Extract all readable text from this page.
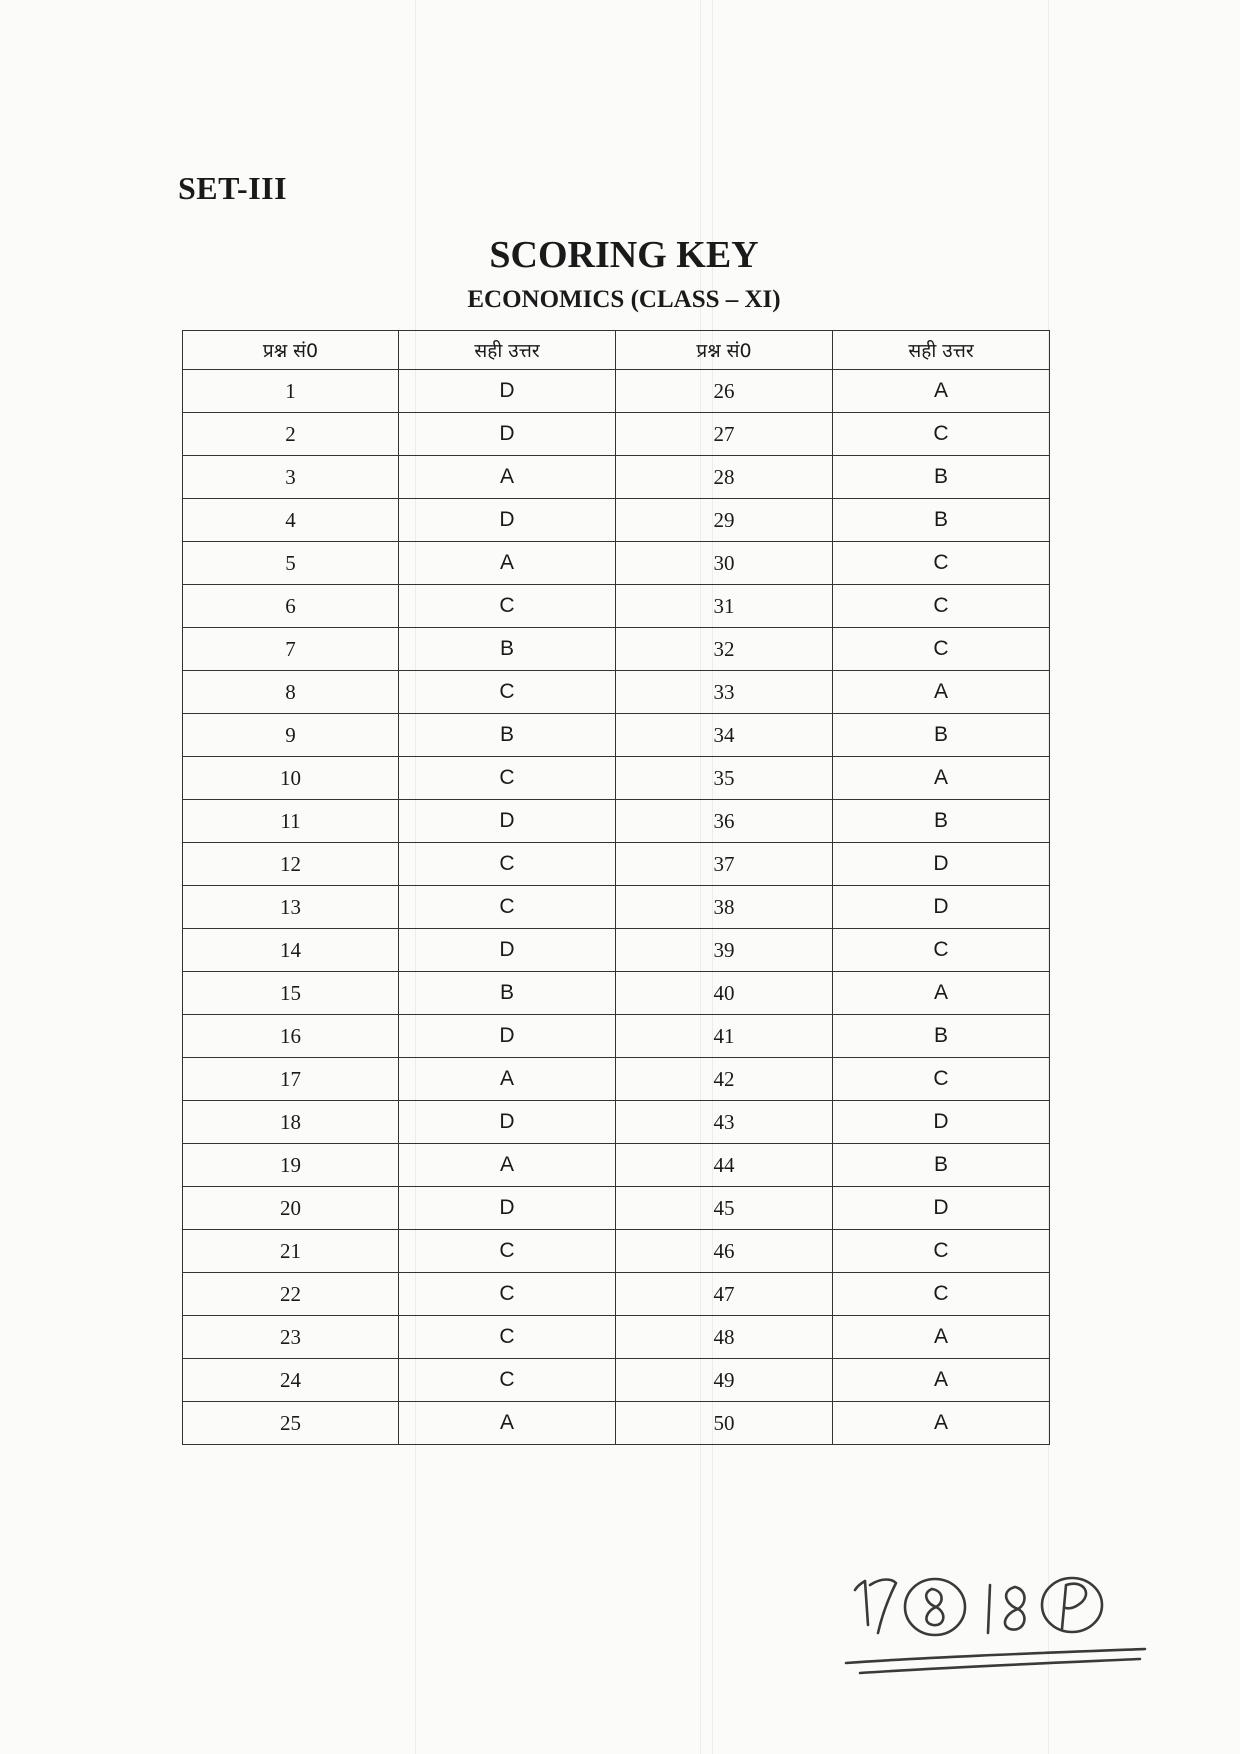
SET-III
SCORING KEY
ECONOMICS (CLASS – XI)
प्रश्न सं0	सही उत्तर	प्रश्न सं0	सही उत्तर
1	D	26	A
2	D	27	C
3	A	28	B
4	D	29	B
5	A	30	C
6	C	31	C
7	B	32	C
8	C	33	A
9	B	34	B
10	C	35	A
11	D	36	B
12	C	37	D
13	C	38	D
14	D	39	C
15	B	40	A
16	D	41	B
17	A	42	C
18	D	43	D
19	A	44	B
20	D	45	D
21	C	46	C
22	C	47	C
23	C	48	A
24	C	49	A
25	A	50	A
